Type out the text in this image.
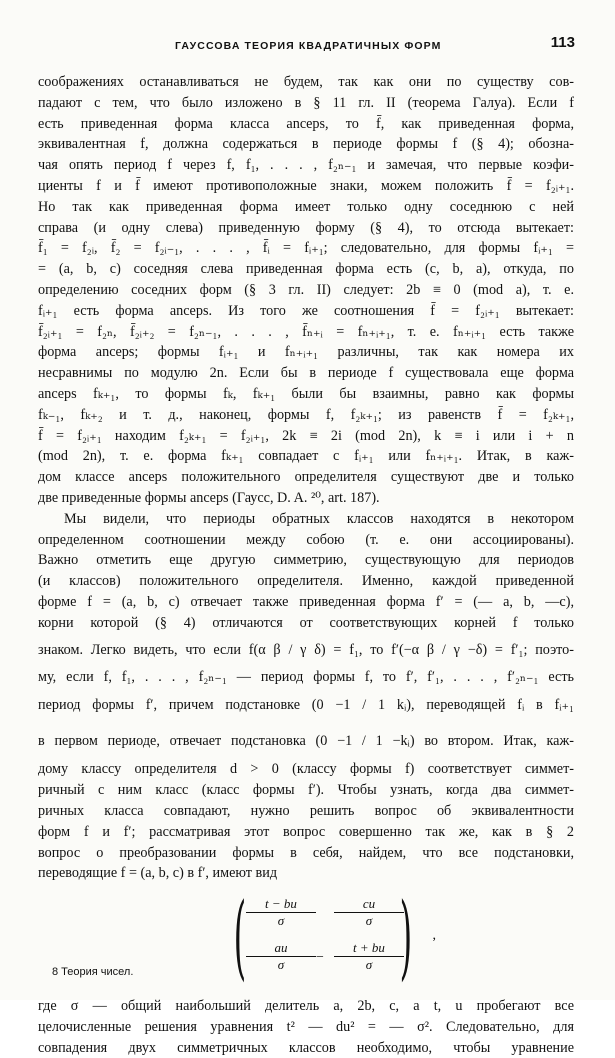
ГАУССОВА ТЕОРИЯ КВАДРАТИЧНЫХ ФОРМ	113
соображениях останавливаться не будем, так как они по существу сов-
падают с тем, что было изложено в § 11 гл. II (теорема Галуа). Если f
есть приведенная форма класса anceps, то f̄, как приведенная форма,
эквивалентная f, должна содержаться в периоде формы f (§ 4); обозна-
чая опять период f через f, f₁, . . . , f₂ₙ₋₁ и замечая, что первые коэфи-
циенты f и f̄ имеют противоположные знаки, можем положить f̄ = f₂ᵢ₊₁.
Но так как приведенная форма имеет только одну соседнюю с ней
справа (и одну слева) приведенную форму (§ 4), то отсюда вытекает:
f̄₁ = f₂ᵢ, f̄₂ = f₂ᵢ₋₁, . . . , f̄ᵢ = fᵢ₊₁; следовательно, для формы fᵢ₊₁ =
= (a, b, c) соседняя слева приведенная форма есть (c, b, a), откуда, по
определению соседних форм (§ 3 гл. II) следует: 2b ≡ 0 (mod a), т. е.
fᵢ₊₁ есть форма anceps. Из того же соотношения f̄ = f₂ᵢ₊₁ вытекает:
f̄₂ᵢ₊₁ = f₂ₙ, f̄₂ᵢ₊₂ = f₂ₙ₋₁, . . . , f̄ₙ₊ᵢ = fₙ₊ᵢ₊₁, т. е. fₙ₊ᵢ₊₁ есть также
форма anceps; формы fᵢ₊₁ и fₙ₊ᵢ₊₁ различны, так как номера их
несравнимы по модулю 2n. Если бы в периоде f существовала еще форма
anceps fₖ₊₁, то формы fₖ, fₖ₊₁ были бы взаимны, равно как формы
fₖ₋₁, fₖ₊₂ и т. д., наконец, формы f, f₂ₖ₊₁; из равенств f̄ = f₂ₖ₊₁,
f̄ = f₂ᵢ₊₁ находим f₂ₖ₊₁ = f₂ᵢ₊₁, 2k ≡ 2i (mod 2n), k ≡ i или i + n
(mod 2n), т. е. форма fₖ₊₁ совпадает с fᵢ₊₁ или fₙ₊ᵢ₊₁. Итак, в каж-
дом классе anceps положительного определителя существуют две и только
две приведенные формы anceps (Гаусс, D. A. ²⁰, art. 187).
Мы видели, что периоды обратных классов находятся в некотором
определенном соотношении между собою (т. е. они ассоциированы).
Важно отметить еще другую симметрию, существующую для периодов
(и классов) положительного определителя. Именно, каждой приведенной
форме f = (a, b, c) отвечает также приведенная форма f′ = (— a, b, —c),
корни которой (§ 4) отличаются от соответствующих корней f только
знаком. Легко видеть, что если f(α β / γ δ) = f₁, то f′(−α β / γ −δ) = f′₁; поэто-
му, если f, f₁, . . . , f₂ₙ₋₁ — период формы f, то f′, f′₁, . . . , f′₂ₙ₋₁ есть
период формы f′, причем подстановке (0 −1 / 1 kᵢ), переводящей fᵢ в fᵢ₊₁
в первом периоде, отвечает подстановка (0 −1 / 1 −kᵢ) во втором. Итак, каж-
дому классу определителя d > 0 (классу формы f) соответствует симмет-
ричный с ним класс (класс формы f′). Чтобы узнать, когда два симмет-
ричных класса совпадают, нужно решить вопрос об эквивалентности
форм f и f′; рассматривая этот вопрос совершенно так же, как в § 2
вопрос о преобразовании формы в себя, найдем, что все подстановки,
переводящие f = (a, b, c) в f′, имеют вид
( )
$\frac{t - bu}{\sigma} \frac{cu}{\sigma}$
$\frac{au}{\sigma} - \frac{t + bu}{\sigma}$
,
где σ — общий наибольший делитель a, 2b, c, a t, u пробегают все
целочисленные решения уравнения t² — du² = — σ². Следовательно, для
совпадения двух симметричных классов необходимо, чтобы уравнение
8 Теория чисел.
